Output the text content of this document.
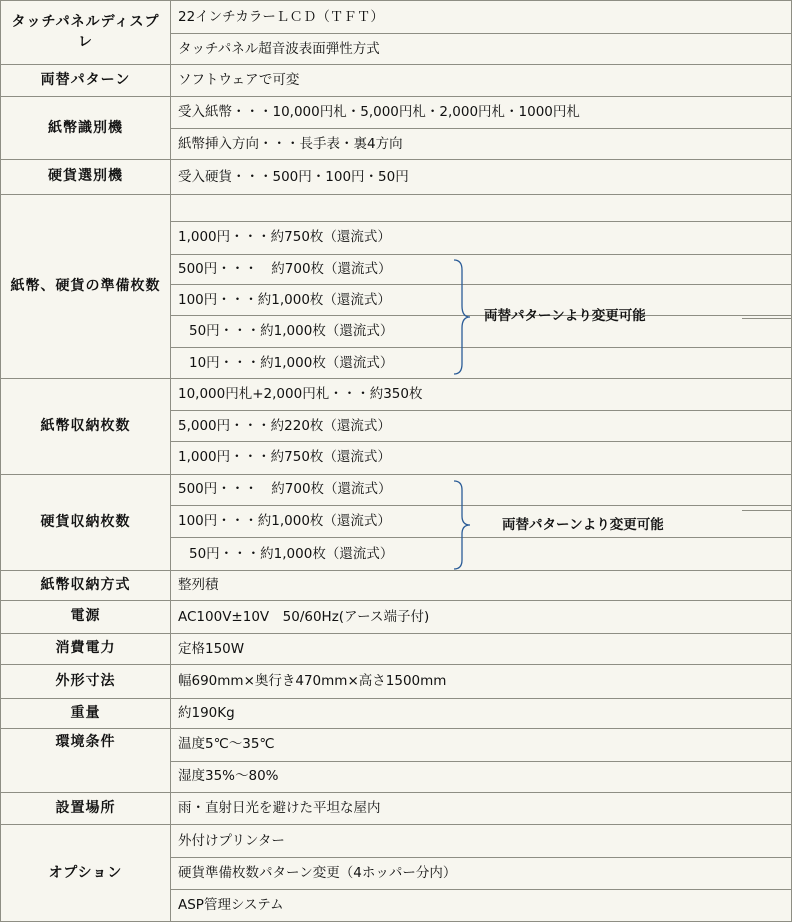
タッチパネルディスプレ	22インチカラーＬＣＤ（ＴＦＴ）
	タッチパネル超音波表面弾性方式
両替パターン	ソフトウェアで可変
紙幣識別機	受入紙幣・・・10,000円札・5,000円札・2,000円札・1000円札
	紙幣挿入方向・・・長手表・裏4方向
硬貨選別機	受入硬貨・・・500円・100円・50円
紙幣、硬貨の準備枚数	
	1,000円・・・約750枚（還流式）
	500円・・・　約700枚（還流式）
	100円・・・約1,000枚（還流式）
	50円・・・約1,000枚（還流式）
	10円・・・約1,000枚（還流式）
紙幣収納枚数	10,000円札+2,000円札・・・約350枚
	5,000円・・・約220枚（還流式）
	1,000円・・・約750枚（還流式）
硬貨収納枚数	500円・・・　約700枚（還流式）
	100円・・・約1,000枚（還流式）
	50円・・・約1,000枚（還流式）
紙幣収納方式	整列積
電源	AC100V±10V　50/60Hz(アース端子付)
消費電力	定格150W
外形寸法	幅690mm×奥行き470mm×高さ1500mm
重量	約190Kg
環境条件	温度5℃～35℃
	湿度35%～80%
設置場所	雨・直射日光を避けた平坦な屋内
オプション	外付けプリンター
	硬貨準備枚数パターン変更（4ホッパー分内）
	ASP管理システム
両替パターンより変更可能
両替パターンより変更可能
